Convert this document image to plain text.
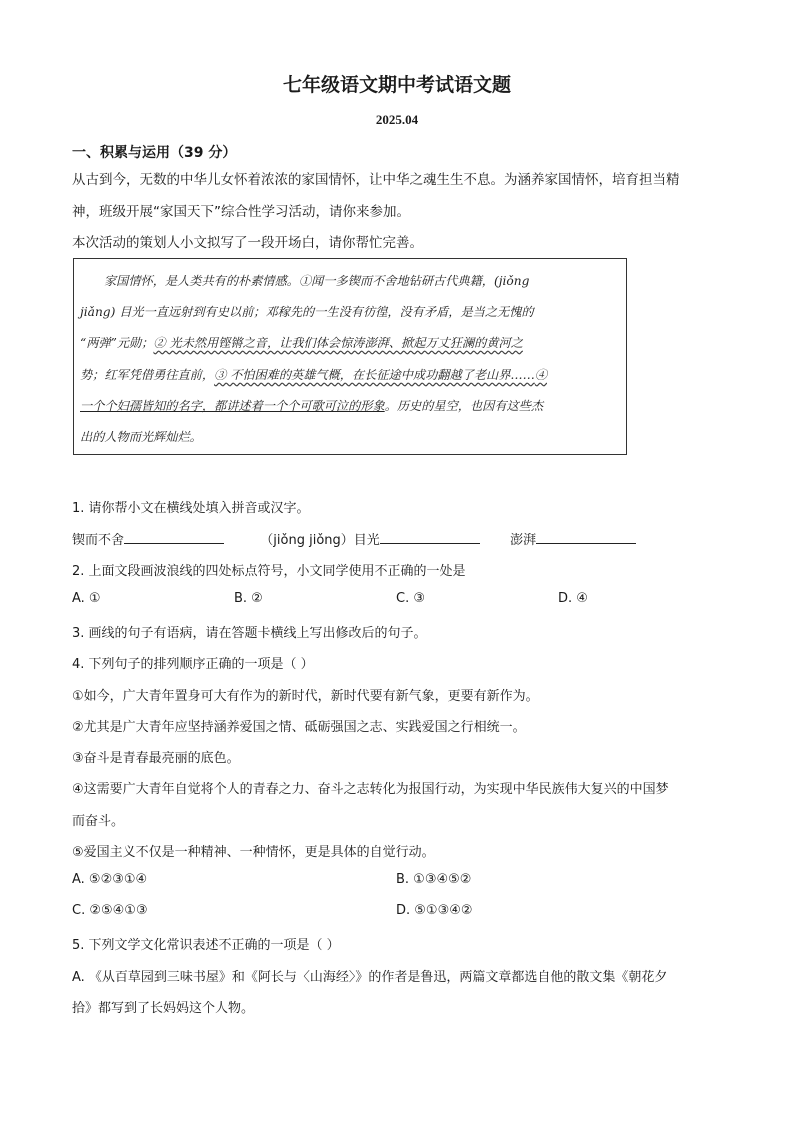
七年级语文期中考试语文题
2025.04
一、积累与运用（39 分）
从古到今，无数的中华儿女怀着浓浓的家国情怀，让中华之魂生生不息。为涵养家国情怀，培育担当精
神，班级开展“家国天下”综合性学习活动，请你来参加。
本次活动的策划人小文拟写了一段开场白，请你帮忙完善。
家国情怀，是人类共有的朴素情感。①闻一多锲而不舍地钻研古代典籍，(jiǒng
jiǎng) 目光一直远射到有史以前；邓稼先的一生没有彷徨，没有矛盾，是当之无愧的
“两弹”元勋；② 光未然用铿锵之音，让我们体会惊涛澎湃、掀起万丈狂澜的黄河之
势；红军凭借勇往直前，③ 不怕困难的英雄气概，在长征途中成功翻越了老山界……④
一个个妇孺皆知的名字，都讲述着一个个可歌可泣的形象。历史的星空，也因有这些杰
出的人物而光辉灿烂。
1. 请你帮小文在横线处填入拼音或汉字。
锲而不舍	（jiǒng jiǒng）目光	澎湃
2. 上面文段画波浪线的四处标点符号，小文同学使用不正确的一处是
A. ①	B. ②	C. ③	D. ④
3. 画线的句子有语病，请在答题卡横线上写出修改后的句子。
4. 下列句子的排列顺序正确的一项是（ ）
①如今，广大青年置身可大有作为的新时代，新时代要有新气象，更要有新作为。
②尤其是广大青年应坚持涵养爱国之情、砥砺强国之志、实践爱国之行相统一。
③奋斗是青春最亮丽的底色。
④这需要广大青年自觉将个人的青春之力、奋斗之志转化为报国行动，为实现中华民族伟大复兴的中国梦
而奋斗。
⑤爱国主义不仅是一种精神、一种情怀，更是具体的自觉行动。
A. ⑤②③①④	B. ①③④⑤②
C. ②⑤④①③	D. ⑤①③④②
5. 下列文学文化常识表述不正确的一项是（ ）
A. 《从百草园到三味书屋》和《阿长与〈山海经〉》的作者是鲁迅，两篇文章都选自他的散文集《朝花夕
拾》都写到了长妈妈这个人物。
